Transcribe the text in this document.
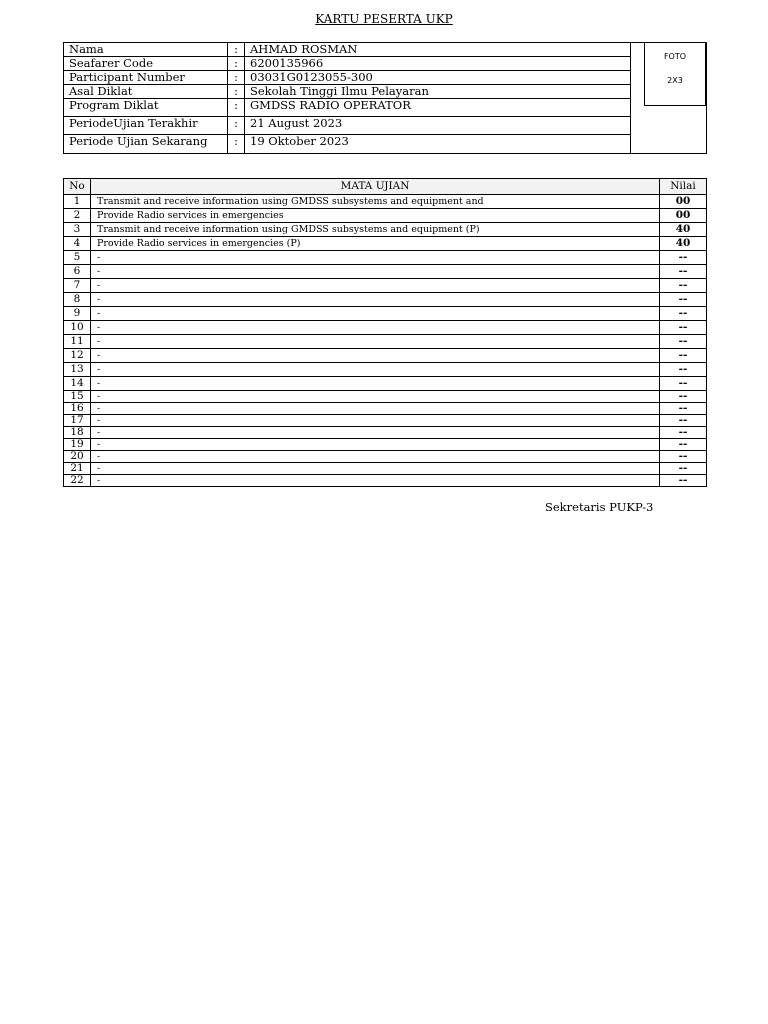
KARTU PESERTA UKP
Nama	:	AHMAD ROSMAN	FOTO
2X3

Seafarer Code	:	6200135966	
Participant Number	:	03031G0123055-300	
Asal Diklat	:	Sekolah Tinggi Ilmu Pelayaran	
Program Diklat	:	GMDSS RADIO OPERATOR	
PeriodeUjian Terakhir	:	21 August 2023	
Periode Ujian Sekarang	:	19 Oktober 2023	
No	MATA UJIAN	Nilai
1	Transmit and receive information using GMDSS subsystems and equipment and	00
2	Provide Radio services in emergencies	00
3	Transmit and receive information using GMDSS subsystems and equipment (P)	40
4	Provide Radio services in emergencies (P)	40
5	-	--
6	-	--
7	-	--
8	-	--
9	-	--
10	-	--
11	-	--
12	-	--
13	-	--
14	-	--
15	-	--
16	-	--
17	-	--
18	-	--
19	-	--
20	-	--
21	-	--
22	-	--
Sekretaris PUKP-3
